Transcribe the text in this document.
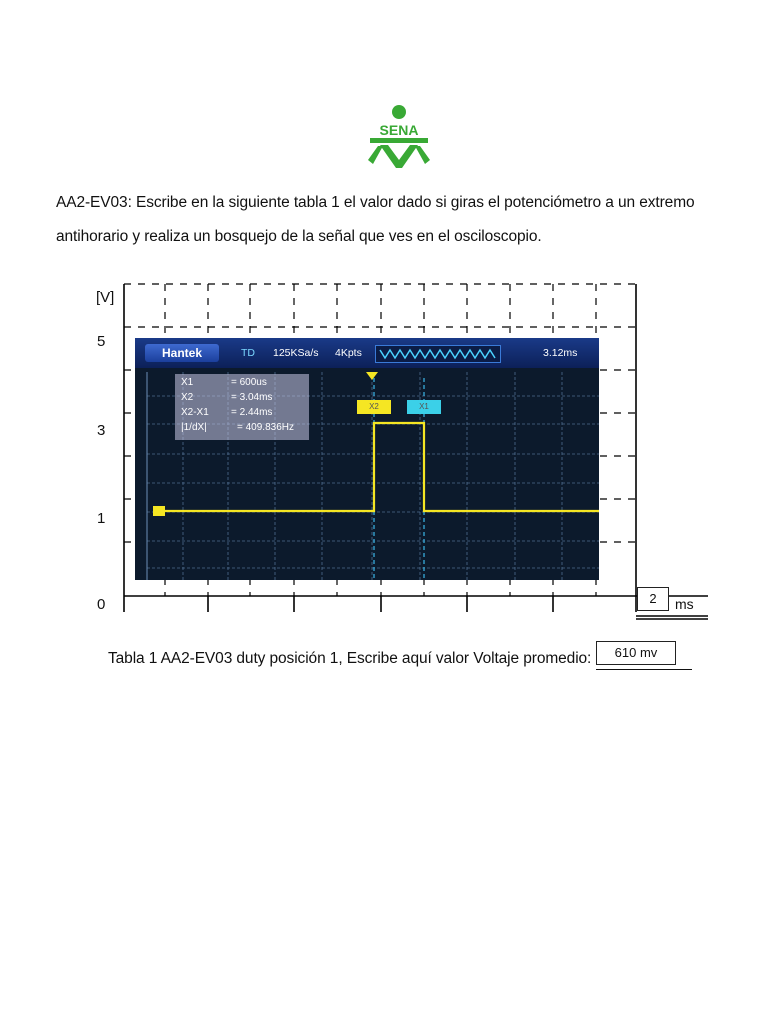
SENA

AA2-EV03: Escribe en la siguiente tabla 1 el valor dado si giras el potenciómetro a un extremo antihorario y realiza un bosquejo de la señal que ves en el osciloscopio.

[V]
5
3
1
0
Hantek	TD 125KSa/s 4Kpts	3.12ms
X1	= 600us
X2	= 3.04ms
X2-X1 = 2.44ms
|1/dX|	= 409.836Hz
X2	X1
2	ms

Tabla 1 AA2-EV03 duty posición 1, Escribe aquí valor Voltaje promedio:	610 mv
